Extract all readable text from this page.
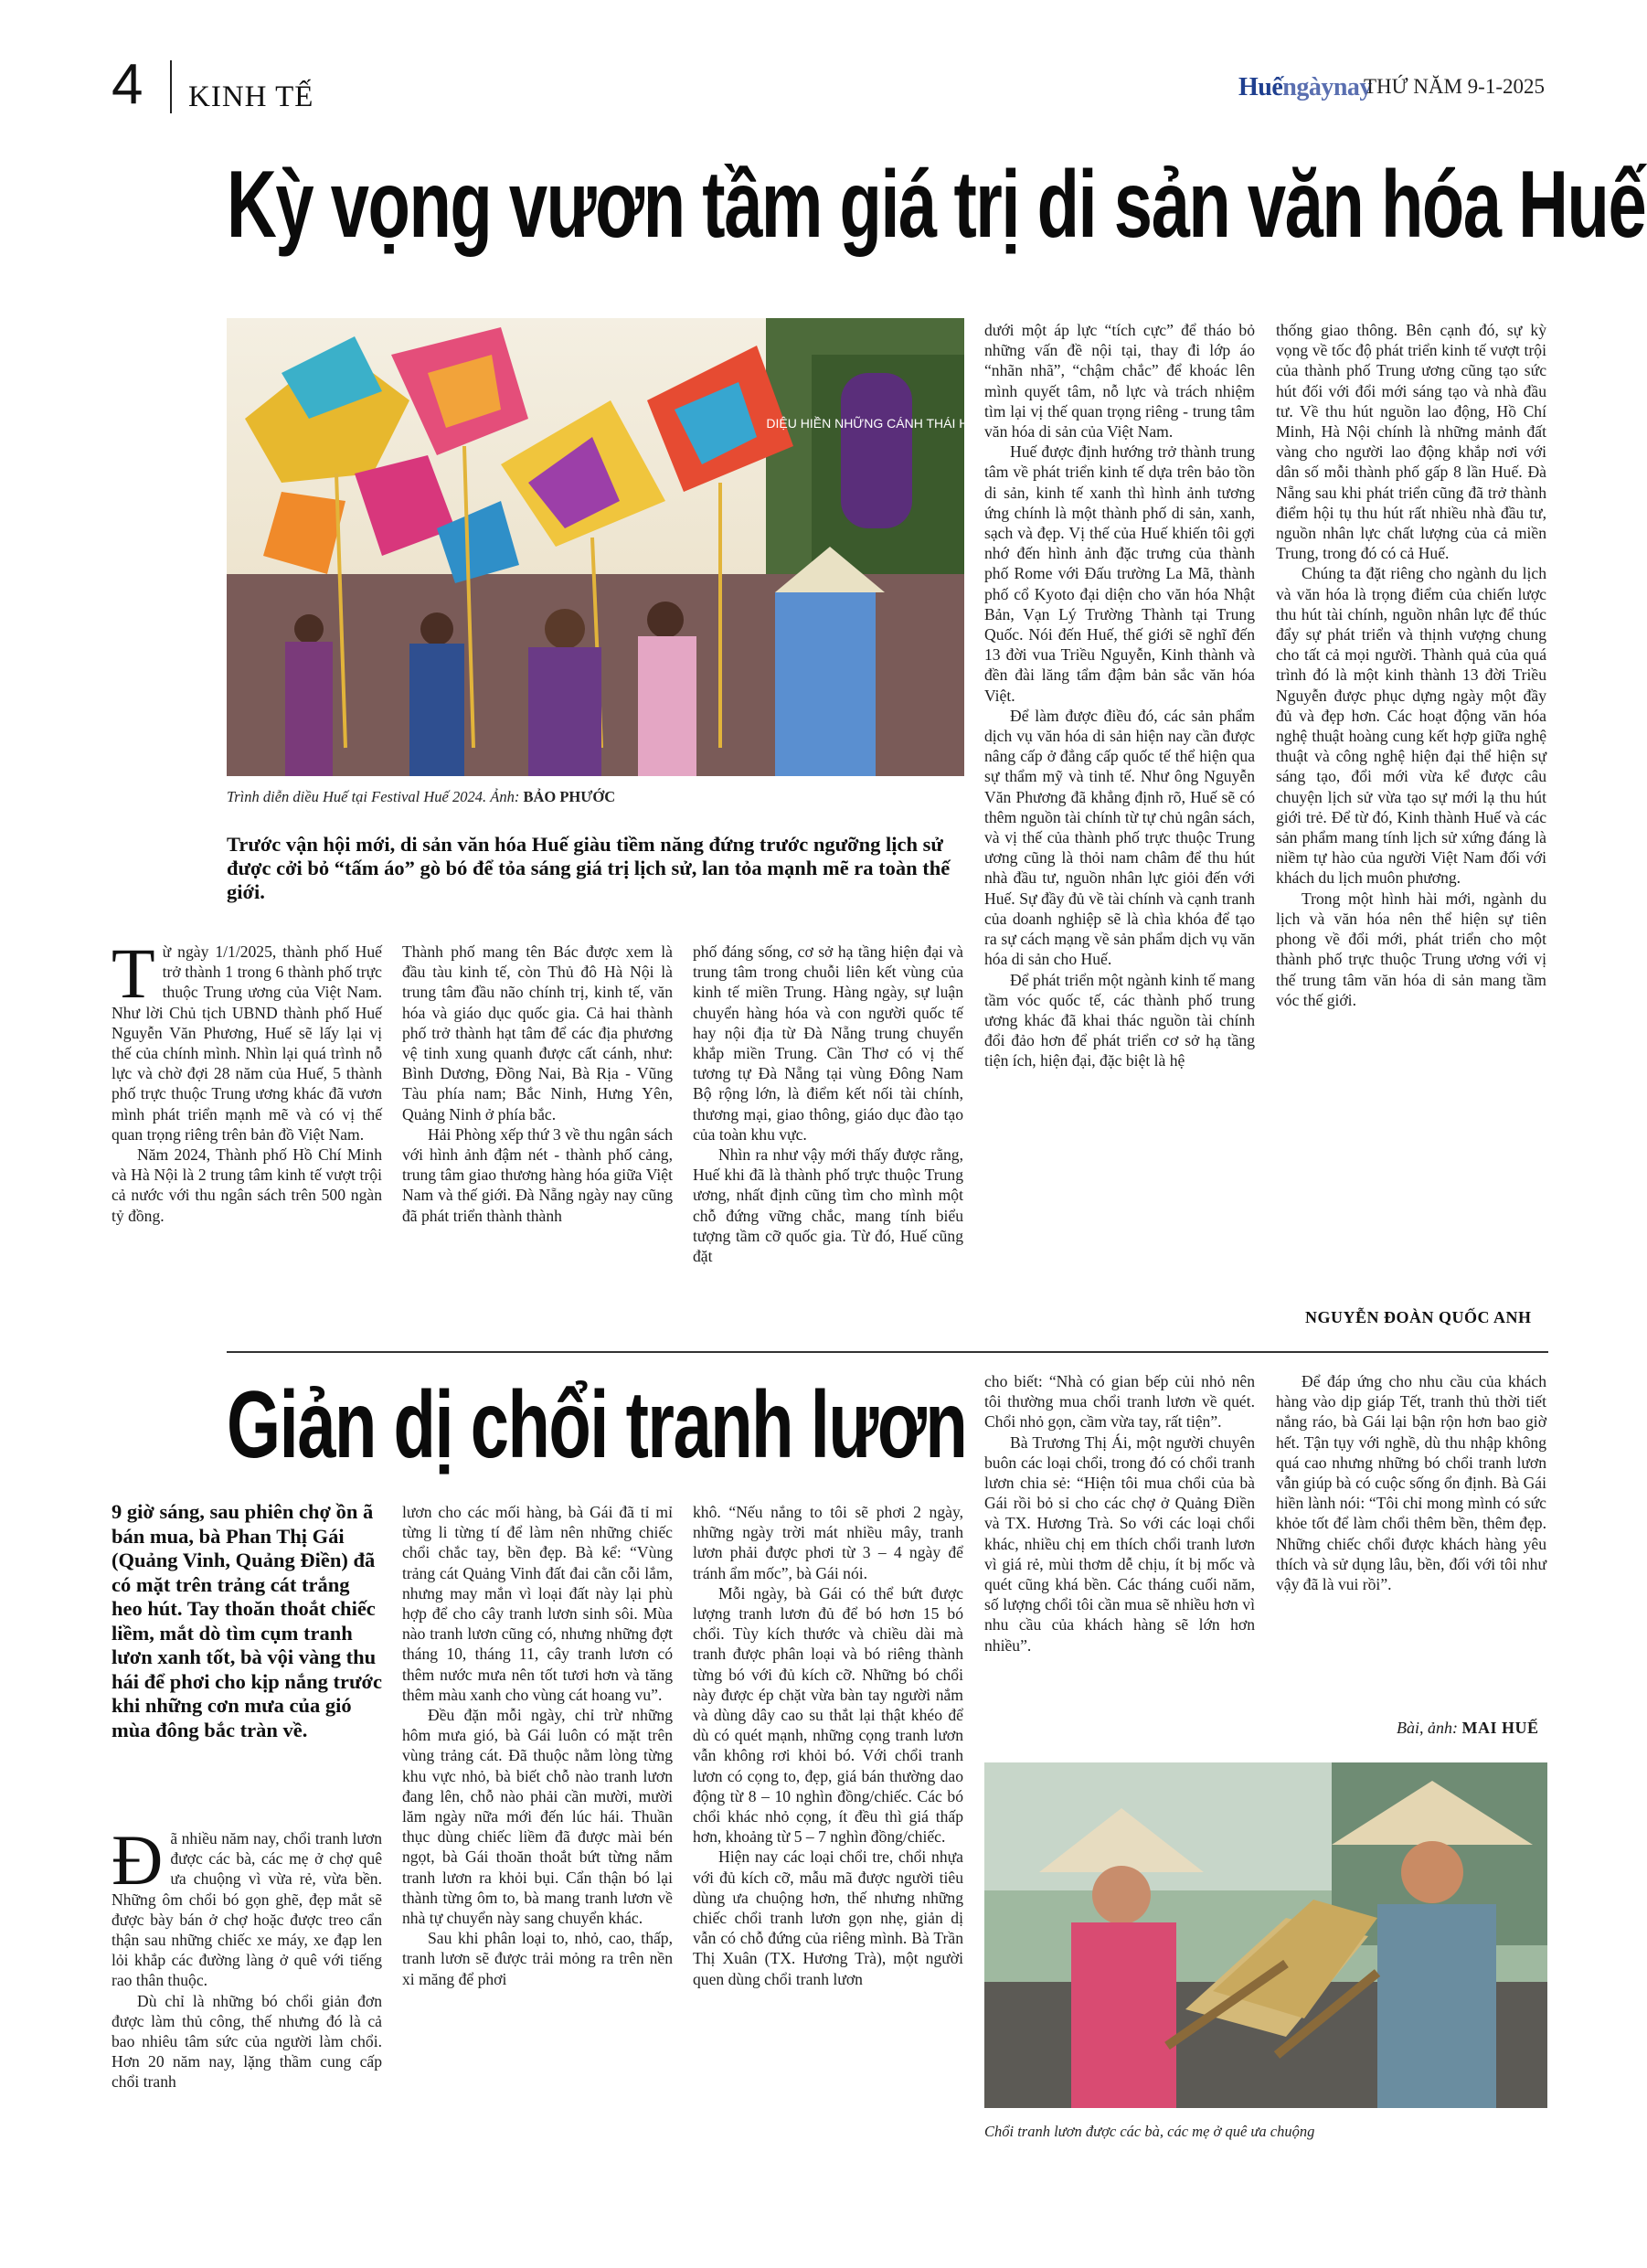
4 KINH TẾ	Huếngàynay
THỨ NĂM 9-1-2025
Kỳ vọng vươn tầm giá trị di sản văn hóa Huế
DIỆU HIỀN NHỮNG CÁNH THÁI HÒA
Trình diễn diều Huế tại Festival Huế 2024. Ảnh: BẢO PHƯỚC
Trước vận hội mới, di sản văn hóa Huế giàu tiềm năng đứng trước ngưỡng lịch sử được cởi bỏ “tấm áo” gò bó để tỏa sáng giá trị lịch sử, lan tỏa mạnh mẽ ra toàn thế giới.
T ừ ngày 1/1/2025, thành phố Huế trở thành 1 trong 6 thành phố trực thuộc Trung ương của Việt Nam. Như lời Chủ tịch UBND thành phố Huế Nguyễn Văn Phương, Huế sẽ lấy lại vị thế của chính mình. Nhìn lại quá trình nỗ lực và chờ đợi 28 năm của Huế, 5 thành phố trực thuộc Trung ương khác đã vươn mình phát triển mạnh mẽ và có vị thế quan trọng riêng trên bản đồ Việt Nam.

Năm 2024, Thành phố Hồ Chí Minh và Hà Nội là 2 trung tâm kinh tế vượt trội cả nước với thu ngân sách trên 500 ngàn tỷ đồng.

Thành phố mang tên Bác được xem là đầu tàu kinh tế, còn Thủ đô Hà Nội là trung tâm đầu não chính trị, kinh tế, văn hóa và giáo dục quốc gia. Cả hai thành phố trở thành hạt tâm để các địa phương vệ tinh xung quanh được cất cánh, như: Bình Dương, Đồng Nai, Bà Rịa - Vũng Tàu phía nam; Bắc Ninh, Hưng Yên, Quảng Ninh ở phía bắc.

Hải Phòng xếp thứ 3 về thu ngân sách với hình ảnh đậm nét - thành phố cảng, trung tâm giao thương hàng hóa giữa Việt Nam và thế giới. Đà Nẵng ngày nay cũng đã phát triển thành thành

phố đáng sống, cơ sở hạ tầng hiện đại và trung tâm trong chuỗi liên kết vùng của kinh tế miền Trung. Hàng ngày, sự luận chuyển hàng hóa và con người quốc tế hay nội địa từ Đà Nẵng trung chuyển khắp miền Trung. Cần Thơ có vị thế tương tự Đà Nẵng tại vùng Đông Nam Bộ rộng lớn, là điểm kết nối tài chính, thương mại, giao thông, giáo dục đào tạo của toàn khu vực.

Nhìn ra như vậy mới thấy được rằng, Huế khi đã là thành phố trực thuộc Trung ương, nhất định cũng tìm cho mình một chỗ đứng vững chắc, mang tính biểu tượng tầm cỡ quốc gia. Từ đó, Huế cũng đặt

dưới một áp lực “tích cực” để tháo bỏ những vấn đề nội tại, thay đi lớp áo “nhãn nhã”, “chậm chắc” để khoác lên mình quyết tâm, nỗ lực và trách nhiệm tìm lại vị thế quan trọng riêng - trung tâm văn hóa di sản của Việt Nam.

Huế được định hướng trở thành trung tâm về phát triển kinh tế dựa trên bảo tồn di sản, kinh tế xanh thì hình ảnh tương ứng chính là một thành phố di sản, xanh, sạch và đẹp. Vị thế của Huế khiến tôi gợi nhớ đến hình ảnh đặc trưng của thành phố Rome với Đấu trường La Mã, thành phố cổ Kyoto đại diện cho văn hóa Nhật Bản, Vạn Lý Trường Thành tại Trung Quốc. Nói đến Huế, thế giới sẽ nghĩ đến 13 đời vua Triều Nguyễn, Kinh thành và đền đài lăng tẩm đậm bản sắc văn hóa Việt.

Để làm được điều đó, các sản phẩm dịch vụ văn hóa di sản hiện nay cần được nâng cấp ở đẳng cấp quốc tế thể hiện qua sự thẩm mỹ và tinh tế. Như ông Nguyễn Văn Phương đã khẳng định rõ, Huế sẽ có thêm nguồn tài chính từ tự chủ ngân sách, và vị thế của thành phố trực thuộc Trung ương cũng là thỏi nam châm để thu hút nhà đầu tư, nguồn nhân lực giỏi đến với Huế. Sự đầy đủ về tài chính và cạnh tranh của doanh nghiệp sẽ là chìa khóa để tạo ra sự cách mạng về sản phẩm dịch vụ văn hóa di sản cho Huế.

Để phát triển một ngành kinh tế mang tầm vóc quốc tế, các thành phố trung ương khác đã khai thác nguồn tài chính đổi đảo hơn để phát triển cơ sở hạ tầng tiện ích, hiện đại, đặc biệt là hệ

thống giao thông. Bên cạnh đó, sự kỳ vọng về tốc độ phát triển kinh tế vượt trội của thành phố Trung ương cũng tạo sức hút đối với đổi mới sáng tạo và nhà đầu tư. Về thu hút nguồn lao động, Hồ Chí Minh, Hà Nội chính là những mảnh đất vàng cho người lao động khắp nơi với dân số mỗi thành phố gấp 8 lần Huế. Đà Nẵng sau khi phát triển cũng đã trở thành điểm hội tụ thu hút rất nhiều nhà đầu tư, nguồn nhân lực chất lượng của cả miền Trung, trong đó có cả Huế.

Chúng ta đặt riêng cho ngành du lịch và văn hóa là trọng điểm của chiến lược thu hút tài chính, nguồn nhân lực để thúc đẩy sự phát triển và thịnh vượng chung cho tất cả mọi người. Thành quả của quá trình đó là một kinh thành 13 đời Triều Nguyễn được phục dựng ngày một đầy đủ và đẹp hơn. Các hoạt động văn hóa nghệ thuật hoàng cung kết hợp giữa nghệ thuật và công nghệ hiện đại thể hiện sự sáng tạo, đổi mới vừa kể được câu chuyện lịch sử vừa tạo sự mới lạ thu hút giới trẻ. Để từ đó, Kinh thành Huế và các sản phẩm mang tính lịch sử xứng đáng là niềm tự hào của người Việt Nam đối với khách du lịch muôn phương.

Trong một hình hài mới, ngành du lịch và văn hóa nên thể hiện sự tiên phong về đổi mới, phát triển cho một thành phố trực thuộc Trung ương với vị thế trung tâm văn hóa di sản mang tầm vóc thế giới.

NGUYỄN ĐOÀN QUỐC ANH
Giản dị chổi tranh lươn
9 giờ sáng, sau phiên chợ ồn ã bán mua, bà Phan Thị Gái (Quảng Vinh, Quảng Điền) đã có mặt trên trảng cát trắng heo hút. Tay thoăn thoắt chiếc liềm, mắt dò tìm cụm tranh lươn xanh tốt, bà vội vàng thu hái để phơi cho kịp nắng trước khi những cơn mưa của gió mùa đông bắc tràn về.
Đ ã nhiều năm nay, chổi tranh lươn được các bà, các mẹ ở chợ quê ưa chuộng vì vừa rẻ, vừa bền. Những ôm chổi bó gọn ghẽ, đẹp mắt sẽ được bày bán ở chợ hoặc được treo cẩn thận sau những chiếc xe máy, xe đạp len lỏi khắp các đường làng ở quê với tiếng rao thân thuộc.

Dù chỉ là những bó chổi giản đơn được làm thủ công, thế nhưng đó là cả bao nhiêu tâm sức của người làm chổi. Hơn 20 năm nay, lặng thầm cung cấp chổi tranh

lươn cho các mối hàng, bà Gái đã tỉ mỉ từng li từng tí để làm nên những chiếc chổi chắc tay, bền đẹp. Bà kể: “Vùng trảng cát Quảng Vinh đất đai cằn cỗi lắm, nhưng may mắn vì loại đất này lại phù hợp để cho cây tranh lươn sinh sôi. Mùa nào tranh lươn cũng có, nhưng những đợt tháng 10, tháng 11, cây tranh lươn có thêm nước mưa nên tốt tươi hơn và tăng thêm màu xanh cho vùng cát hoang vu”.

Đều đặn mỗi ngày, chỉ trừ những hôm mưa gió, bà Gái luôn có mặt trên vùng trảng cát. Đã thuộc nằm lòng từng khu vực nhỏ, bà biết chỗ nào tranh lươn đang lên, chỗ nào phải cần mười, mười lăm ngày nữa mới đến lúc hái. Thuần thục dùng chiếc liềm đã được mài bén ngọt, bà Gái thoăn thoắt bứt từng nắm tranh lươn ra khỏi bụi. Cẩn thận bó lại thành từng ôm to, bà mang tranh lươn về nhà tự chuyển này sang chuyển khác.

Sau khi phân loại to, nhỏ, cao, thấp, tranh lươn sẽ được trải mỏng ra trên nền xi măng để phơi

khô. “Nếu nắng to tôi sẽ phơi 2 ngày, những ngày trời mát nhiều mây, tranh lươn phải được phơi từ 3 – 4 ngày để tránh ẩm mốc”, bà Gái nói.

Mỗi ngày, bà Gái có thể bứt được lượng tranh lươn đủ để bó hơn 15 bó chổi. Tùy kích thước và chiều dài mà tranh được phân loại và bó riêng thành từng bó với đủ kích cỡ. Những bó chổi này được ép chặt vừa bàn tay người nắm và dùng dây cao su thắt lại thật khéo để dù có quét mạnh, những cọng tranh lươn vẫn không rơi khỏi bó. Với chổi tranh lươn có cọng to, đẹp, giá bán thường dao động từ 8 – 10 nghìn đồng/chiếc. Các bó chổi khác nhỏ cọng, ít đều thì giá thấp hơn, khoảng từ 5 – 7 nghìn đồng/chiếc.

Hiện nay các loại chổi tre, chổi nhựa với đủ kích cỡ, mẫu mã được người tiêu dùng ưa chuộng hơn, thế nhưng những chiếc chổi tranh lươn gọn nhẹ, giản dị vẫn có chỗ đứng của riêng mình. Bà Trần Thị Xuân (TX. Hương Trà), một người quen dùng chổi tranh lươn

cho biết: “Nhà có gian bếp củi nhỏ nên tôi thường mua chổi tranh lươn về quét. Chổi nhỏ gọn, cầm vừa tay, rất tiện”.

Bà Trương Thị Ái, một người chuyên buôn các loại chổi, trong đó có chổi tranh lươn chia sẻ: “Hiện tôi mua chổi của bà Gái rồi bỏ sỉ cho các chợ ở Quảng Điền và TX. Hương Trà. So với các loại chổi khác, nhiều chị em thích chổi tranh lươn vì giá rẻ, mùi thơm dễ chịu, ít bị mốc và quét cũng khá bền. Các tháng cuối năm, số lượng chổi tôi cần mua sẽ nhiều hơn vì nhu cầu của khách hàng sẽ lớn hơn nhiều”.

Để đáp ứng cho nhu cầu của khách hàng vào dịp giáp Tết, tranh thủ thời tiết nắng ráo, bà Gái lại bận rộn hơn bao giờ hết. Tận tụy với nghề, dù thu nhập không quá cao nhưng những bó chổi tranh lươn vẫn giúp bà có cuộc sống ổn định. Bà Gái hiền lành nói: “Tôi chỉ mong mình có sức khỏe tốt để làm chổi thêm bền, thêm đẹp. Những chiếc chổi được khách hàng yêu thích và sử dụng lâu, bền, đối với tôi như vậy đã là vui rồi”.

Bài, ảnh: MAI HUẾ
Chổi tranh lươn được các bà, các mẹ ở quê ưa chuộng
